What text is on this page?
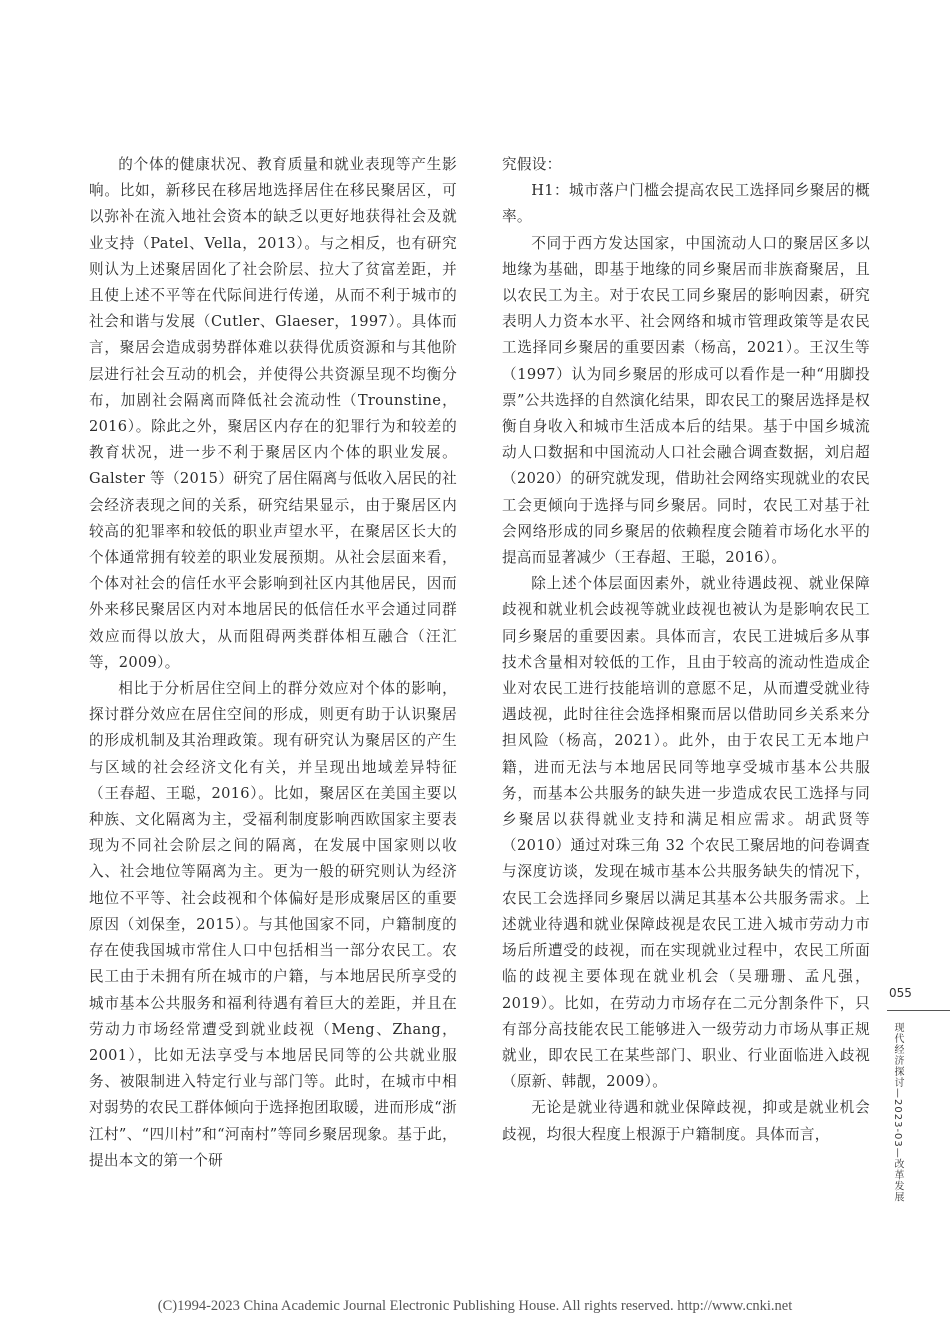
的个体的健康状况、教育质量和就业表现等产生影响。比如，新移民在移居地选择居住在移民聚居区，可以弥补在流入地社会资本的缺乏以更好地获得社会及就业支持（Patel、Vella，2013）。与之相反，也有研究则认为上述聚居固化了社会阶层、拉大了贫富差距，并且使上述不平等在代际间进行传递，从而不利于城市的社会和谐与发展（Cutler、Glaeser，1997）。具体而言，聚居会造成弱势群体难以获得优质资源和与其他阶层进行社会互动的机会，并使得公共资源呈现不均衡分布，加剧社会隔离而降低社会流动性（Trounstine，2016）。除此之外，聚居区内存在的犯罪行为和较差的教育状况，进一步不利于聚居区内个体的职业发展。Galster 等（2015）研究了居住隔离与低收入居民的社会经济表现之间的关系，研究结果显示，由于聚居区内较高的犯罪率和较低的职业声望水平，在聚居区长大的个体通常拥有较差的职业发展预期。从社会层面来看，个体对社会的信任水平会影响到社区内其他居民，因而外来移民聚居区内对本地居民的低信任水平会通过同群效应而得以放大，从而阻碍两类群体相互融合（汪汇等，2009）。

相比于分析居住空间上的群分效应对个体的影响，探讨群分效应在居住空间的形成，则更有助于认识聚居的形成机制及其治理政策。现有研究认为聚居区的产生与区域的社会经济文化有关，并呈现出地域差异特征（王春超、王聪，2016）。比如，聚居区在美国主要以种族、文化隔离为主，受福利制度影响西欧国家主要表现为不同社会阶层之间的隔离，在发展中国家则以收入、社会地位等隔离为主。更为一般的研究则认为经济地位不平等、社会歧视和个体偏好是形成聚居区的重要原因（刘保奎，2015）。与其他国家不同，户籍制度的存在使我国城市常住人口中包括相当一部分农民工。农民工由于未拥有所在城市的户籍，与本地居民所享受的城市基本公共服务和福利待遇有着巨大的差距，并且在劳动力市场经常遭受到就业歧视（Meng、Zhang，2001），比如无法享受与本地居民同等的公共就业服务、被限制进入特定行业与部门等。此时，在城市中相对弱势的农民工群体倾向于选择抱团取暖，进而形成“浙江村”、“四川村”和“河南村”等同乡聚居现象。基于此，提出本文的第一个研

究假设：

H1：城市落户门槛会提高农民工选择同乡聚居的概率。

不同于西方发达国家，中国流动人口的聚居区多以地缘为基础，即基于地缘的同乡聚居而非族裔聚居，且以农民工为主。对于农民工同乡聚居的影响因素，研究表明人力资本水平、社会网络和城市管理政策等是农民工选择同乡聚居的重要因素（杨高，2021）。王汉生等（1997）认为同乡聚居的形成可以看作是一种“用脚投票”公共选择的自然演化结果，即农民工的聚居选择是权衡自身收入和城市生活成本后的结果。基于中国乡城流动人口数据和中国流动人口社会融合调查数据，刘启超（2020）的研究就发现，借助社会网络实现就业的农民工会更倾向于选择与同乡聚居。同时，农民工对基于社会网络形成的同乡聚居的依赖程度会随着市场化水平的提高而显著减少（王春超、王聪，2016）。

除上述个体层面因素外，就业待遇歧视、就业保障歧视和就业机会歧视等就业歧视也被认为是影响农民工同乡聚居的重要因素。具体而言，农民工进城后多从事技术含量相对较低的工作，且由于较高的流动性造成企业对农民工进行技能培训的意愿不足，从而遭受就业待遇歧视，此时往往会选择相聚而居以借助同乡关系来分担风险（杨高，2021）。此外，由于农民工无本地户籍，进而无法与本地居民同等地享受城市基本公共服务，而基本公共服务的缺失进一步造成农民工选择与同乡聚居以获得就业支持和满足相应需求。胡武贤等（2010）通过对珠三角 32 个农民工聚居地的问卷调查与深度访谈，发现在城市基本公共服务缺失的情况下，农民工会选择同乡聚居以满足其基本公共服务需求。上述就业待遇和就业保障歧视是农民工进入城市劳动力市场后所遭受的歧视，而在实现就业过程中，农民工所面临的歧视主要体现在就业机会（吴珊珊、孟凡强，2019）。比如，在劳动力市场存在二元分割条件下，只有部分高技能农民工能够进入一级劳动力市场从事正规就业，即农民工在某些部门、职业、行业面临进入歧视（原新、韩靓，2009）。

无论是就业待遇和就业保障歧视，抑或是就业机会歧视，均很大程度上根源于户籍制度。具体而言，

055
现代经济探讨—2023-03—改革发展
(C)1994-2023 China Academic Journal Electronic Publishing House. All rights reserved. http://www.cnki.net
